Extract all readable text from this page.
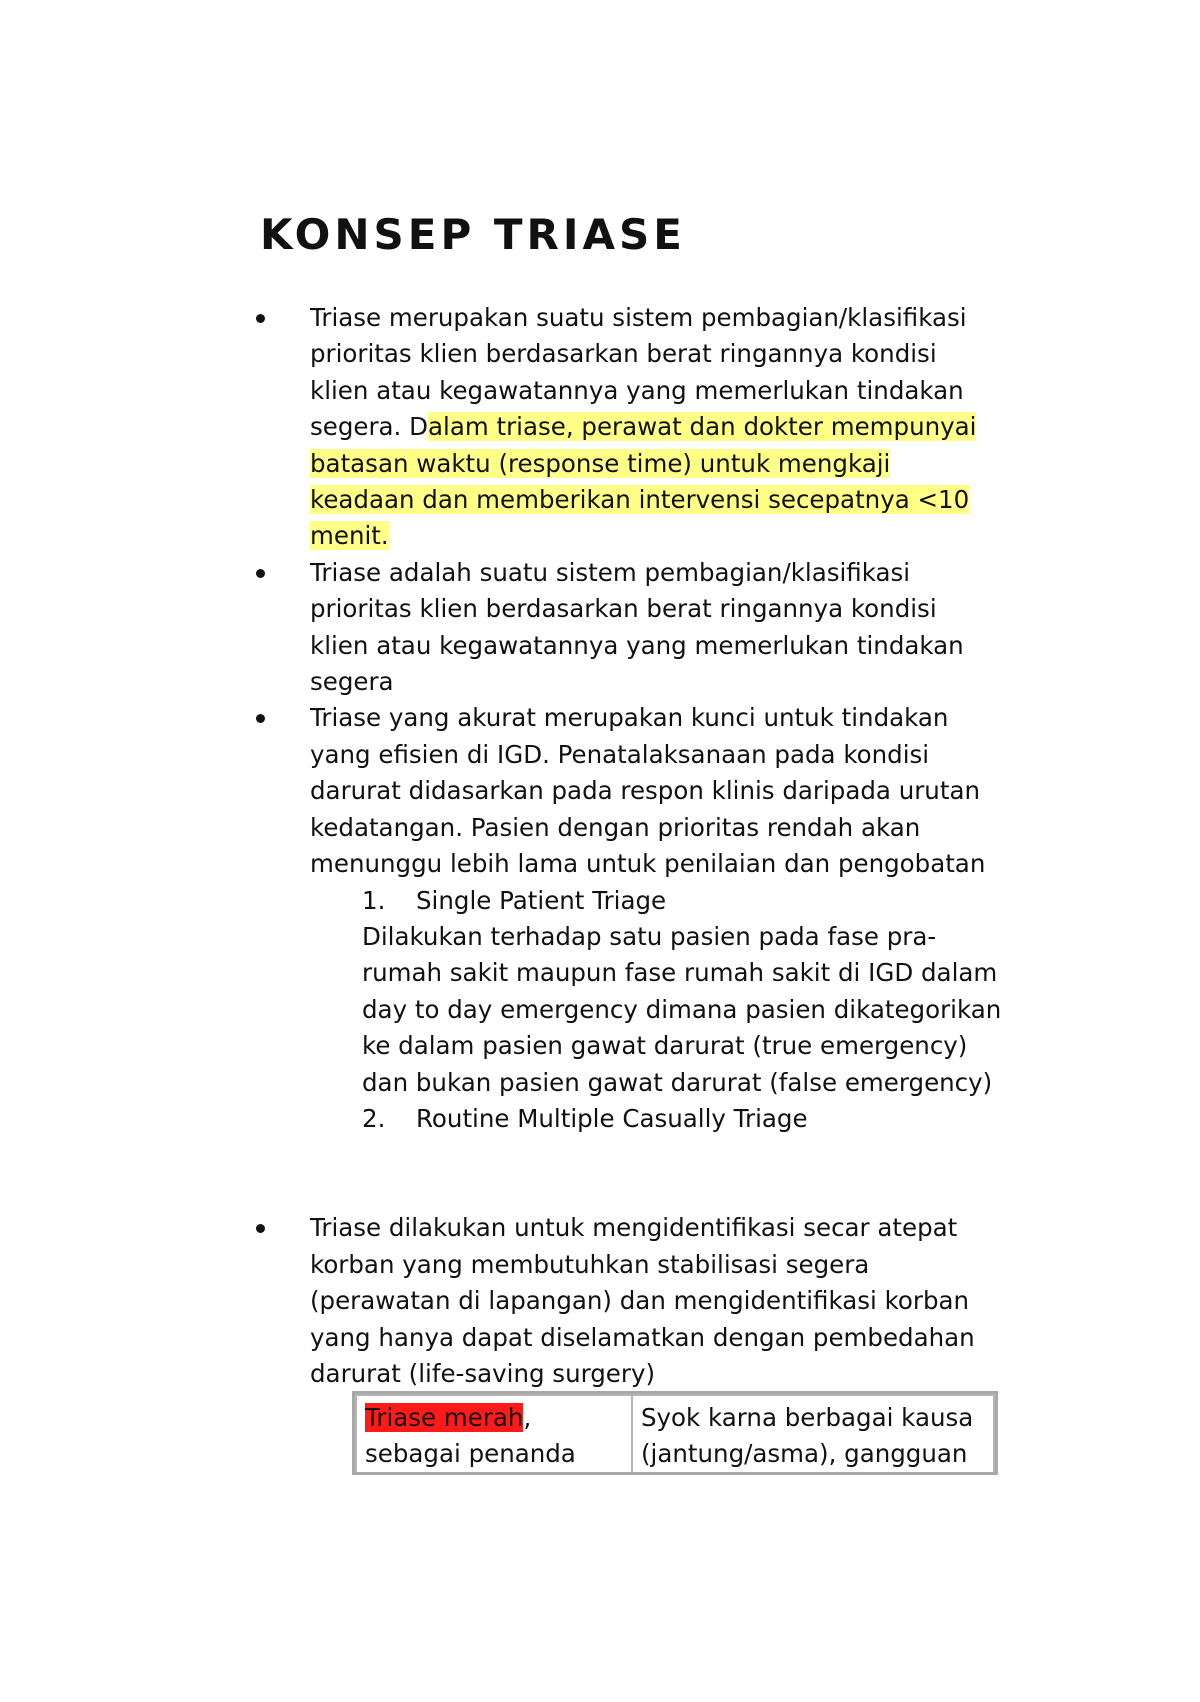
KONSEP TRIASE

Triase merupakan suatu sistem pembagian/klasifikasi prioritas klien berdasarkan berat ringannya kondisi klien atau kegawatannya yang memerlukan tindakan segera. Dalam triase, perawat dan dokter mempunyai batasan waktu (response time) untuk mengkaji keadaan dan memberikan intervensi secepatnya <10 menit.

Triase adalah suatu sistem pembagian/klasifikasi prioritas klien berdasarkan berat ringannya kondisi klien atau kegawatannya yang memerlukan tindakan segera

Triase yang akurat merupakan kunci untuk tindakan yang efisien di IGD. Penatalaksanaan pada kondisi darurat didasarkan pada respon klinis daripada urutan kedatangan. Pasien dengan prioritas rendah akan menunggu lebih lama untuk penilaian dan pengobatan

1.	Single Patient Triage

Dilakukan terhadap satu pasien pada fase pra-rumah sakit maupun fase rumah sakit di IGD dalam day to day emergency dimana pasien dikategorikan ke dalam pasien gawat darurat (true emergency) dan bukan pasien gawat darurat (false emergency)

2.	Routine Multiple Casually Triage

Triase dilakukan untuk mengidentifikasi secar atepat korban yang membutuhkan stabilisasi segera (perawatan di lapangan) dan mengidentifikasi korban yang hanya dapat diselamatkan dengan pembedahan darurat (life-saving surgery)

Triase merah, sebagai penanda	Syok karna berbagai kausa (jantung/asma), gangguan
